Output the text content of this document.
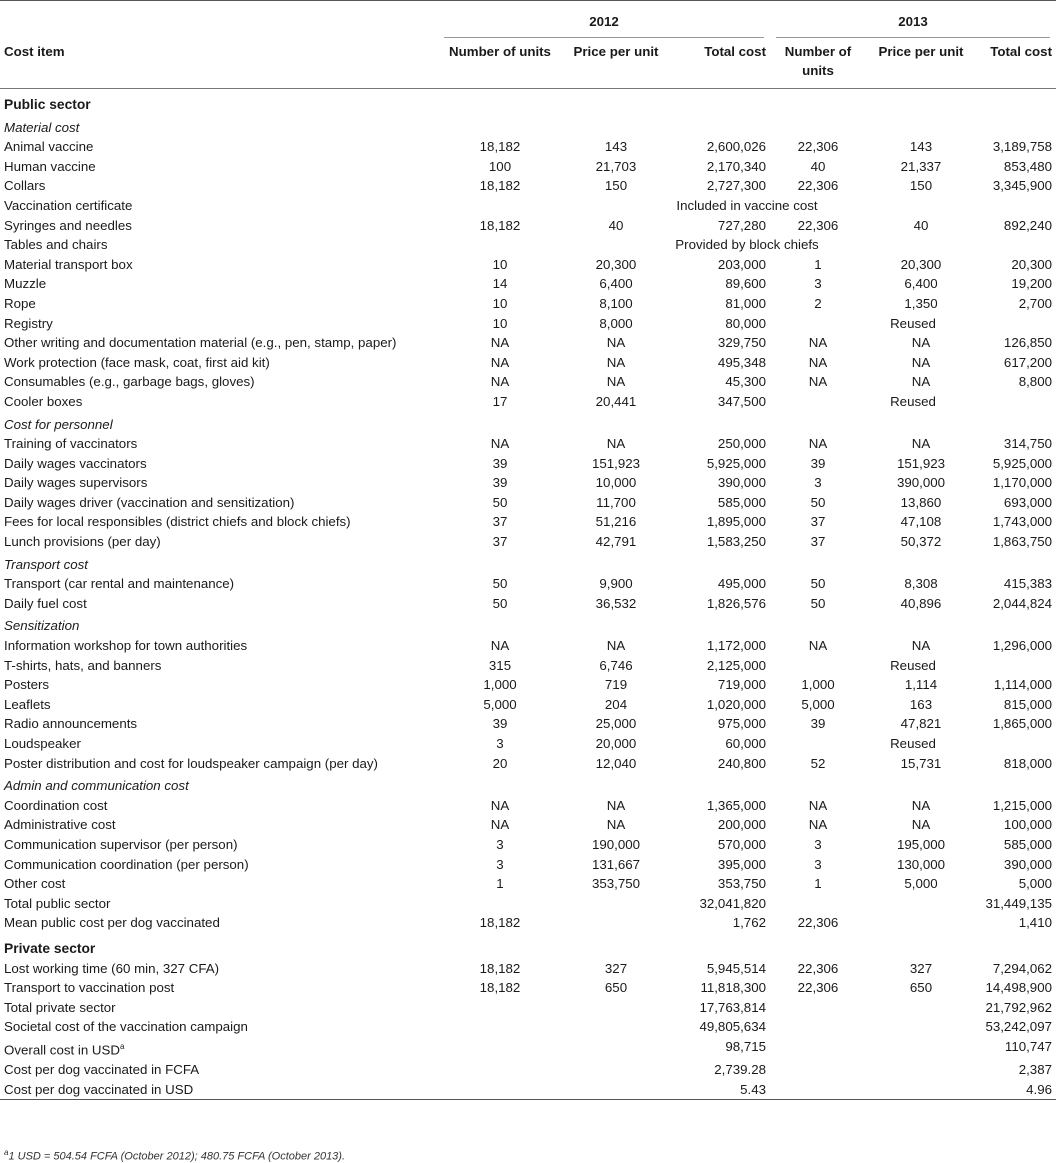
	2012			2013		

Cost item	Number of units	Price per unit	Total cost	Number of units	Price per unit	Total cost
Public sector						
Material cost						
Animal vaccine	18,182	143	2,600,026	22,306	143	3,189,758
Human vaccine	100	21,703	2,170,340	40	21,337	853,480
Collars	18,182	150	2,727,300	22,306	150	3,345,900
Vaccination certificate	Included in vaccine cost					
Syringes and needles	18,182	40	727,280	22,306	40	892,240
Tables and chairs	Provided by block chiefs					
Material transport box	10	20,300	203,000	1	20,300	20,300
Muzzle	14	6,400	89,600	3	6,400	19,200
Rope	10	8,100	81,000	2	1,350	2,700
Registry	10	8,000	80,000	Reused		
Other writing and documentation material (e.g., pen, stamp, paper)	NA	NA	329,750	NA	NA	126,850
Work protection (face mask, coat, first aid kit)	NA	NA	495,348	NA	NA	617,200
Consumables (e.g., garbage bags, gloves)	NA	NA	45,300	NA	NA	8,800
Cooler boxes	17	20,441	347,500	Reused		
Cost for personnel						
Training of vaccinators	NA	NA	250,000	NA	NA	314,750
Daily wages vaccinators	39	151,923	5,925,000	39	151,923	5,925,000
Daily wages supervisors	39	10,000	390,000	3	390,000	1,170,000
Daily wages driver (vaccination and sensitization)	50	11,700	585,000	50	13,860	693,000
Fees for local responsibles (district chiefs and block chiefs)	37	51,216	1,895,000	37	47,108	1,743,000
Lunch provisions (per day)	37	42,791	1,583,250	37	50,372	1,863,750
Transport cost						
Transport (car rental and maintenance)	50	9,900	495,000	50	8,308	415,383
Daily fuel cost	50	36,532	1,826,576	50	40,896	2,044,824
Sensitization						
Information workshop for town authorities	NA	NA	1,172,000	NA	NA	1,296,000
T-shirts, hats, and banners	315	6,746	2,125,000	Reused		
Posters	1,000	719	719,000	1,000	1,114	1,114,000
Leaflets	5,000	204	1,020,000	5,000	163	815,000
Radio announcements	39	25,000	975,000	39	47,821	1,865,000
Loudspeaker	3	20,000	60,000	Reused		
Poster distribution and cost for loudspeaker campaign (per day)	20	12,040	240,800	52	15,731	818,000
Admin and communication cost						
Coordination cost	NA	NA	1,365,000	NA	NA	1,215,000
Administrative cost	NA	NA	200,000	NA	NA	100,000
Communication supervisor (per person)	3	190,000	570,000	3	195,000	585,000
Communication coordination (per person)	3	131,667	395,000	3	130,000	390,000
Other cost	1	353,750	353,750	1	5,000	5,000
Total public sector			32,041,820			31,449,135
Mean public cost per dog vaccinated	18,182		1,762	22,306		1,410
Private sector						
Lost working time (60 min, 327 CFA)	18,182	327	5,945,514	22,306	327	7,294,062
Transport to vaccination post	18,182	650	11,818,300	22,306	650	14,498,900
Total private sector			17,763,814			21,792,962
Societal cost of the vaccination campaign			49,805,634			53,242,097
Overall cost in USD$^a$			98,715			110,747
Cost per dog vaccinated in FCFA			2,739.28			2,387
Cost per dog vaccinated in USD			5.43			4.96
$^a$1 USD = 504.54 FCFA (October 2012); 480.75 FCFA (October 2013).
